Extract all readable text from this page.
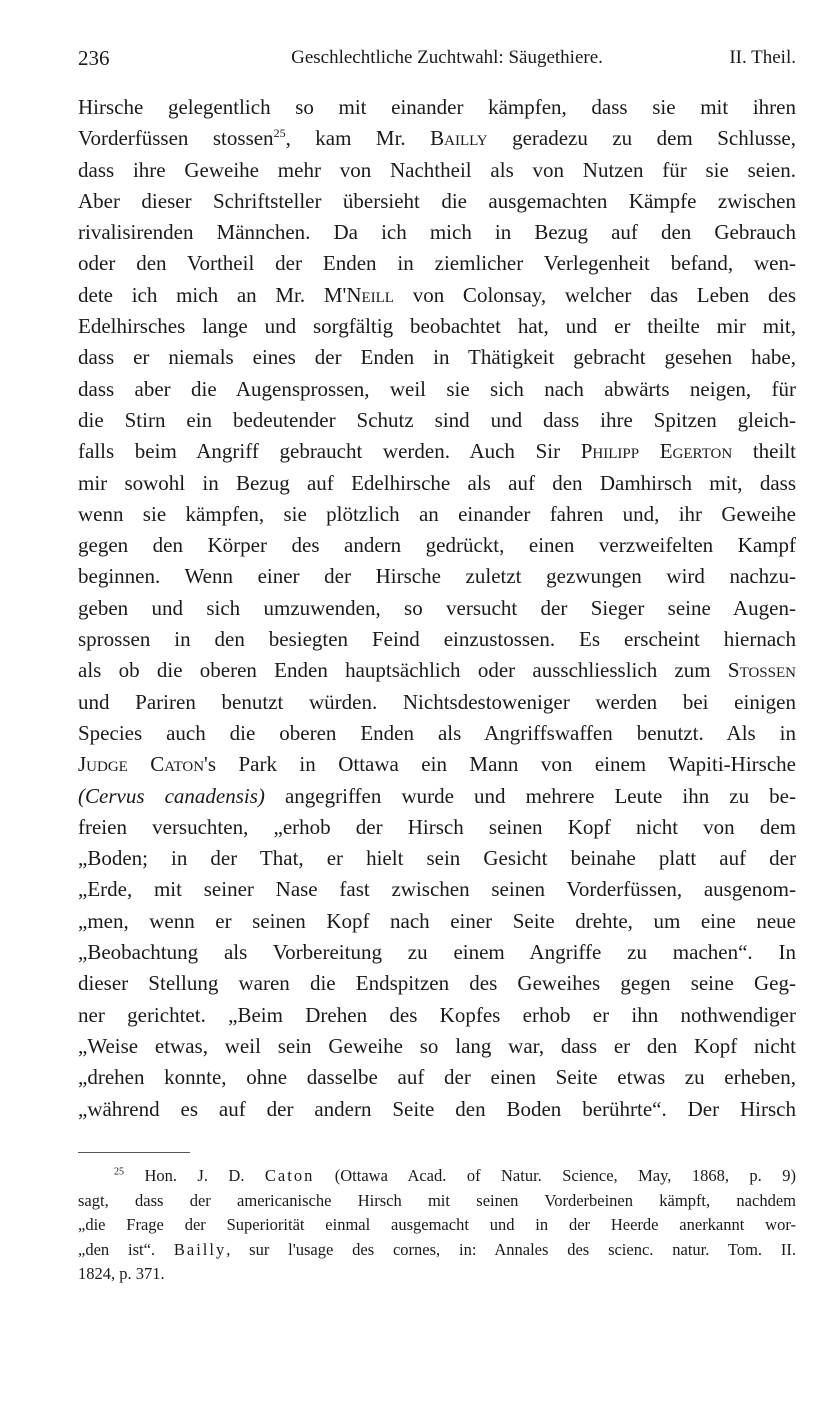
236	Geschlechtliche Zuchtwahl: Säugethiere.	II. Theil.
Hirsche gelegentlich so mit einander kämpfen, dass sie mit ihren
Vorderfüssen stossen$^{25}$, kam Mr. Bailly geradezu zu dem Schlusse,
dass ihre Geweihe mehr von Nachtheil als von Nutzen für sie seien.
Aber dieser Schriftsteller übersieht die ausgemachten Kämpfe zwischen
rivalisirenden Männchen. Da ich mich in Bezug auf den Gebrauch
oder den Vortheil der Enden in ziemlicher Verlegenheit befand, wen-
dete ich mich an Mr. M'Neill von Colonsay, welcher das Leben des
Edelhirsches lange und sorgfältig beobachtet hat, und er theilte mir mit,
dass er niemals eines der Enden in Thätigkeit gebracht gesehen habe,
dass aber die Augensprossen, weil sie sich nach abwärts neigen, für
die Stirn ein bedeutender Schutz sind und dass ihre Spitzen gleich-
falls beim Angriff gebraucht werden. Auch Sir Philipp Egerton theilt
mir sowohl in Bezug auf Edelhirsche als auf den Damhirsch mit, dass
wenn sie kämpfen, sie plötzlich an einander fahren und, ihr Geweihe
gegen den Körper des andern gedrückt, einen verzweifelten Kampf
beginnen. Wenn einer der Hirsche zuletzt gezwungen wird nachzu-
geben und sich umzuwenden, so versucht der Sieger seine Augen-
sprossen in den besiegten Feind einzustossen. Es erscheint hiernach
als ob die oberen Enden hauptsächlich oder ausschliesslich zum Stossen
und Pariren benutzt würden. Nichtsdestoweniger werden bei einigen
Species auch die oberen Enden als Angriffswaffen benutzt. Als in
Judge Caton's Park in Ottawa ein Mann von einem Wapiti-Hirsche
(Cervus canadensis) angegriffen wurde und mehrere Leute ihn zu be-
freien versuchten, „erhob der Hirsch seinen Kopf nicht von dem
„Boden; in der That, er hielt sein Gesicht beinahe platt auf der
„Erde, mit seiner Nase fast zwischen seinen Vorderfüssen, ausgenom-
„men, wenn er seinen Kopf nach einer Seite drehte, um eine neue
„Beobachtung als Vorbereitung zu einem Angriffe zu machen“. In
dieser Stellung waren die Endspitzen des Geweihes gegen seine Geg-
ner gerichtet. „Beim Drehen des Kopfes erhob er ihn nothwendiger
„Weise etwas, weil sein Geweihe so lang war, dass er den Kopf nicht
„drehen konnte, ohne dasselbe auf der einen Seite etwas zu erheben,
„während es auf der andern Seite den Boden berührte“. Der Hirsch
$^{25}$ Hon. J. D. Caton (Ottawa Acad. of Natur. Science, May, 1868, p. 9)
sagt, dass der americanische Hirsch mit seinen Vorderbeinen kämpft, nachdem
„die Frage der Superiorität einmal ausgemacht und in der Heerde anerkannt wor-
„den ist“. Bailly, sur l'usage des cornes, in: Annales des scienc. natur. Tom. II.
1824, p. 371.
